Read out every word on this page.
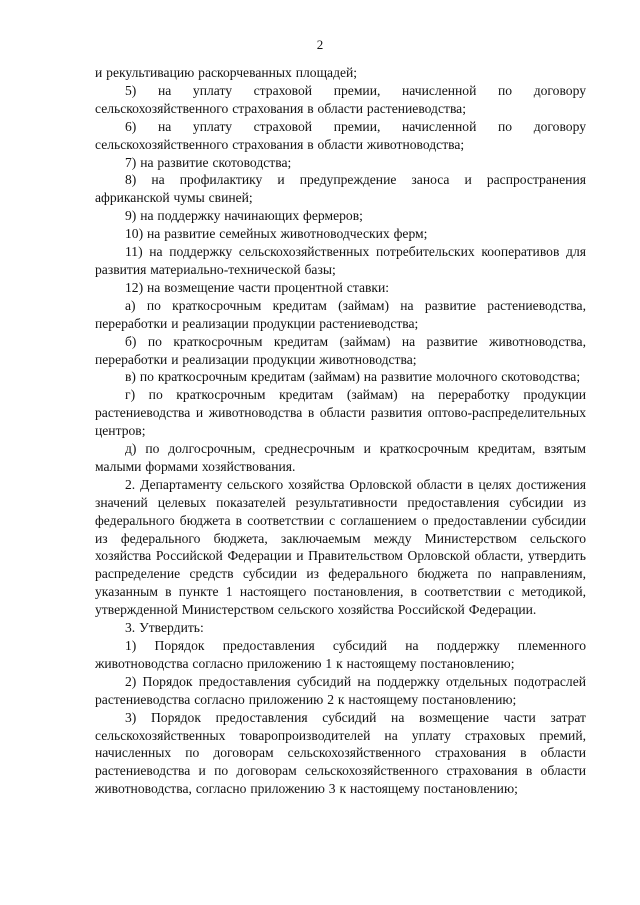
2

и рекультивацию раскорчеванных площадей;

5) на уплату страховой премии, начисленной по договору сельскохозяйственного страхования в области растениеводства;

6) на уплату страховой премии, начисленной по договору сельскохозяйственного страхования в области животноводства;

7) на развитие скотоводства;

8) на профилактику и предупреждение заноса и распространения африканской чумы свиней;

9) на поддержку начинающих фермеров;

10) на развитие семейных животноводческих ферм;

11) на поддержку сельскохозяйственных потребительских кооперативов для развития материально-технической базы;

12) на возмещение части процентной ставки:

а) по краткосрочным кредитам (займам) на развитие растениеводства, переработки и реализации продукции растениеводства;

б) по краткосрочным кредитам (займам) на развитие животноводства, переработки и реализации продукции животноводства;

в) по краткосрочным кредитам (займам) на развитие молочного скотоводства;

г) по краткосрочным кредитам (займам) на переработку продукции растениеводства и животноводства в области развития оптово-распределительных центров;

д) по долгосрочным, среднесрочным и краткосрочным кредитам, взятым малыми формами хозяйствования.

2. Департаменту сельского хозяйства Орловской области в целях достижения значений целевых показателей результативности предоставления субсидии из федерального бюджета в соответствии с соглашением о предоставлении субсидии из федерального бюджета, заключаемым между Министерством сельского хозяйства Российской Федерации и Правительством Орловской области, утвердить распределение средств субсидии из федерального бюджета по направлениям, указанным в пункте 1 настоящего постановления, в соответствии с методикой, утвержденной Министерством сельского хозяйства Российской Федерации.

3. Утвердить:

1) Порядок предоставления субсидий на поддержку племенного животноводства согласно приложению 1 к настоящему постановлению;

2) Порядок предоставления субсидий на поддержку отдельных подотраслей растениеводства согласно приложению 2 к настоящему постановлению;

3) Порядок предоставления субсидий на возмещение части затрат сельскохозяйственных товаропроизводителей на уплату страховых премий, начисленных по договорам сельскохозяйственного страхования в области растениеводства и по договорам сельскохозяйственного страхования в области животноводства, согласно приложению 3 к настоящему постановлению;
